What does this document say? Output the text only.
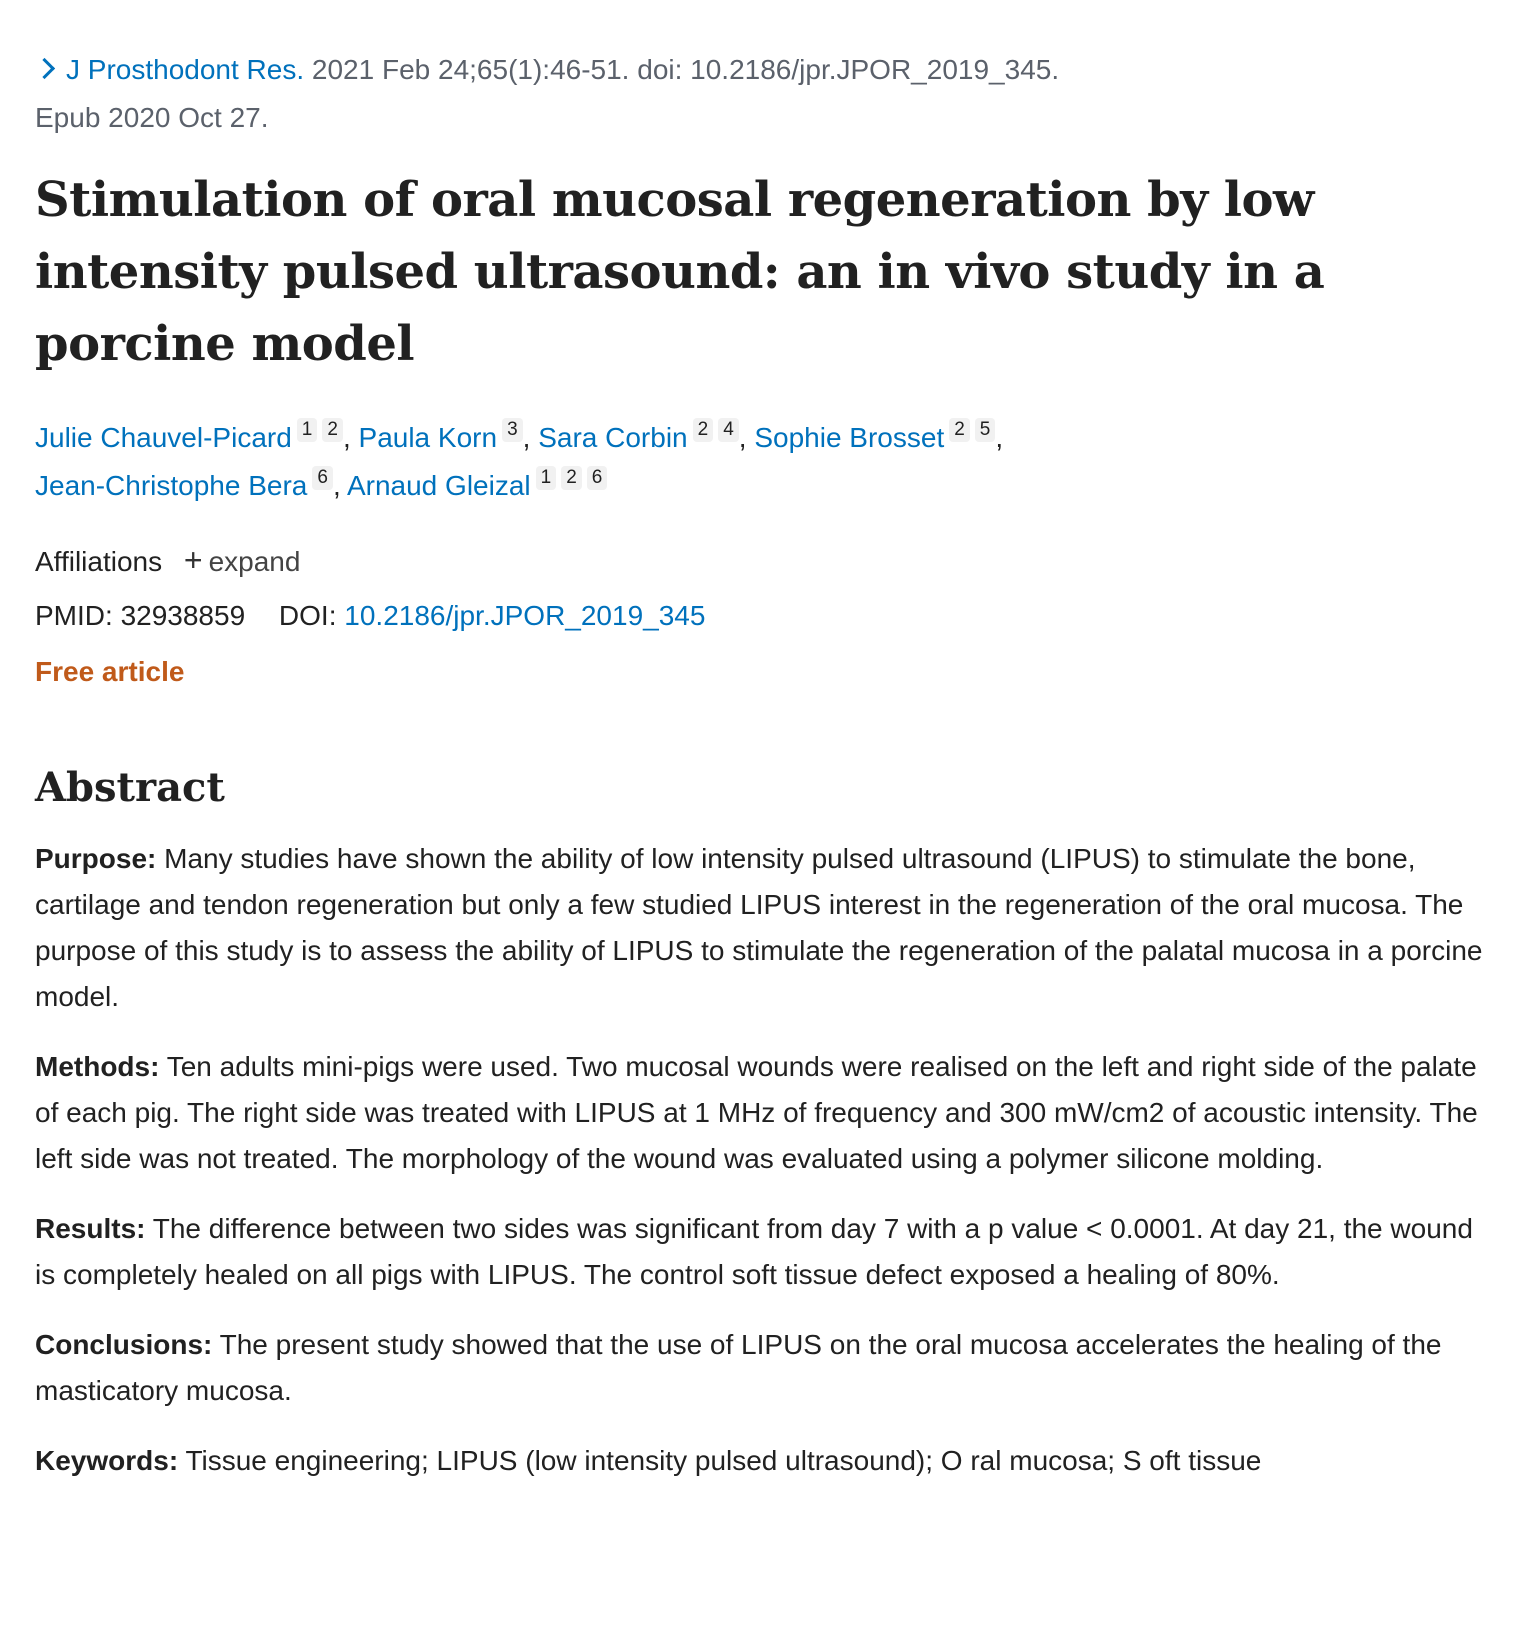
J Prosthodont Res. 2021 Feb 24;65(1):46-51. doi: 10.2186/jpr.JPOR_2019_345.
Epub 2020 Oct 27.
Stimulation of oral mucosal regeneration by low intensity pulsed ultrasound: an in vivo study in a porcine model
Julie Chauvel-Picard $^1$ $^2$ , Paula Korn $^3$ , Sara Corbin $^2$ $^4$ , Sophie Brosset $^2$ $^5$ ,
Jean-Christophe Bera $^6$ , Arnaud Gleizal $^1$ $^2$ $^6$
Affiliations + expand
PMID: 32938859 DOI: 10.2186/jpr.JPOR_2019_345
Free article
Abstract

Purpose: Many studies have shown the ability of low intensity pulsed ultrasound (LIPUS) to stimulate the bone, cartilage and tendon regeneration but only a few studied LIPUS interest in the regeneration of the oral mucosa. The purpose of this study is to assess the ability of LIPUS to stimulate the regeneration of the palatal mucosa in a porcine model.

Methods: Ten adults mini-pigs were used. Two mucosal wounds were realised on the left and right side of the palate of each pig. The right side was treated with LIPUS at 1 MHz of frequency and 300 mW/cm2 of acoustic intensity. The left side was not treated. The morphology of the wound was evaluated using a polymer silicone molding.

Results: The difference between two sides was significant from day 7 with a p value < 0.0001. At day 21, the wound is completely healed on all pigs with LIPUS. The control soft tissue defect exposed a healing of 80%.

Conclusions: The present study showed that the use of LIPUS on the oral mucosa accelerates the healing of the masticatory mucosa.

Keywords: Tissue engineering; LIPUS (low intensity pulsed ultrasound); O ral mucosa; S oft tissue
